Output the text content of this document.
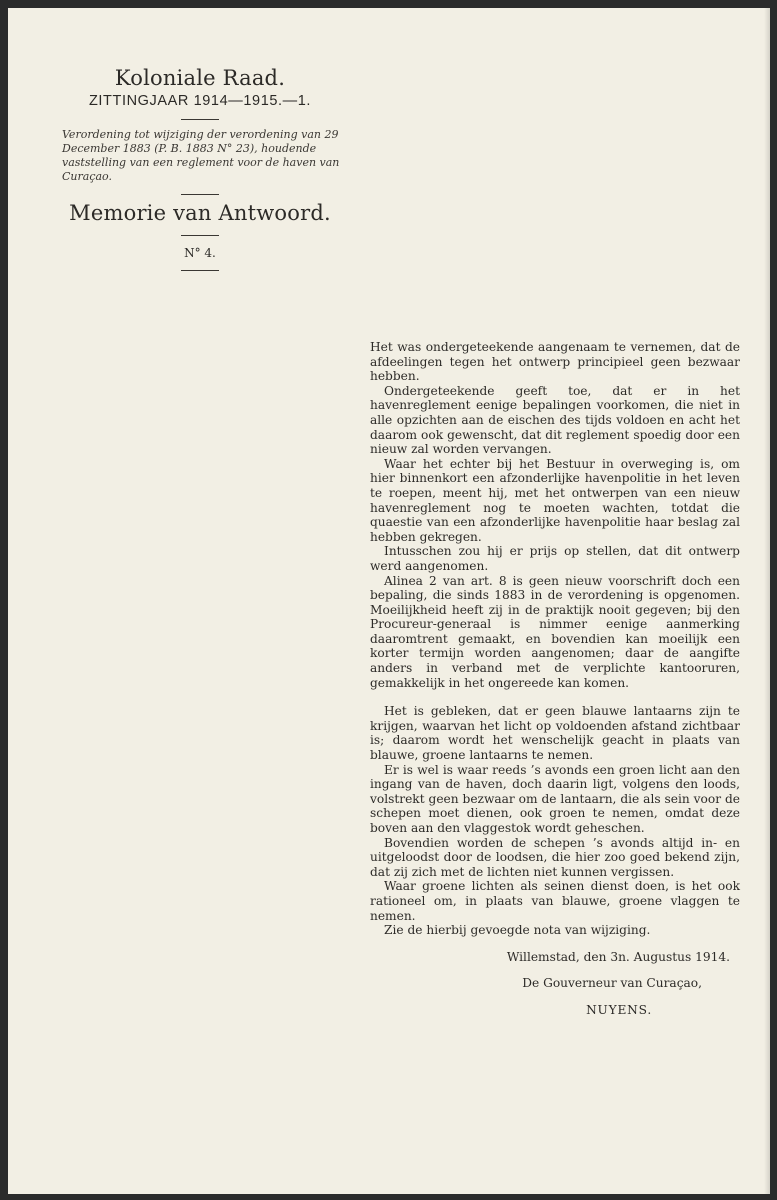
Koloniale Raad.
ZITTINGJAAR 1914—1915.—1.
Verordening tot wijziging der verordening van 29 December 1883 (P. B. 1883 N° 23), houdende vaststelling van een reglement voor de haven van Curaçao.
Memorie van Antwoord.
N° 4.

Het was ondergeteekende aangenaam te vernemen, dat de afdeelingen tegen het ontwerp principieel geen bezwaar hebben.

Ondergeteekende geeft toe, dat er in het havenreglement eenige bepalingen voorkomen, die niet in alle opzichten aan de eischen des tijds voldoen en acht het daarom ook gewenscht, dat dit reglement spoedig door een nieuw zal worden vervangen.

Waar het echter bij het Bestuur in overweging is, om hier binnenkort een afzonderlijke havenpolitie in het leven te roepen, meent hij, met het ontwerpen van een nieuw havenreglement nog te moeten wachten, totdat die quaestie van een afzonderlijke havenpolitie haar beslag zal hebben gekregen.

Intusschen zou hij er prijs op stellen, dat dit ontwerp werd aangenomen.

Alinea 2 van art. 8 is geen nieuw voorschrift doch een bepaling, die sinds 1883 in de verordening is opgenomen. Moeilijkheid heeft zij in de praktijk nooit gegeven; bij den Procureur-generaal is nimmer eenige aanmerking daaromtrent gemaakt, en bovendien kan moeilijk een korter termijn worden aangenomen; daar de aangifte anders in verband met de verplichte kantooruren, gemakkelijk in het ongereede kan komen.

Het is gebleken, dat er geen blauwe lantaarns zijn te krijgen, waarvan het licht op voldoenden afstand zichtbaar is; daarom wordt het wenschelijk geacht in plaats van blauwe, groene lantaarns te nemen.

Er is wel is waar reeds ’s avonds een groen licht aan den ingang van de haven, doch daarin ligt, volgens den loods, volstrekt geen bezwaar om de lantaarn, die als sein voor de schepen moet dienen, ook groen te nemen, omdat deze boven aan den vlaggestok wordt geheschen.

Bovendien worden de schepen ’s avonds altijd in- en uitgeloodst door de loodsen, die hier zoo goed bekend zijn, dat zij zich met de lichten niet kunnen vergissen.

Waar groene lichten als seinen dienst doen, is het ook rationeel om, in plaats van blauwe, groene vlaggen te nemen.

Zie de hierbij gevoegde nota van wijziging.

Willemstad, den 3n. Augustus 1914.

De Gouverneur van Curaçao,

NUYENS.
